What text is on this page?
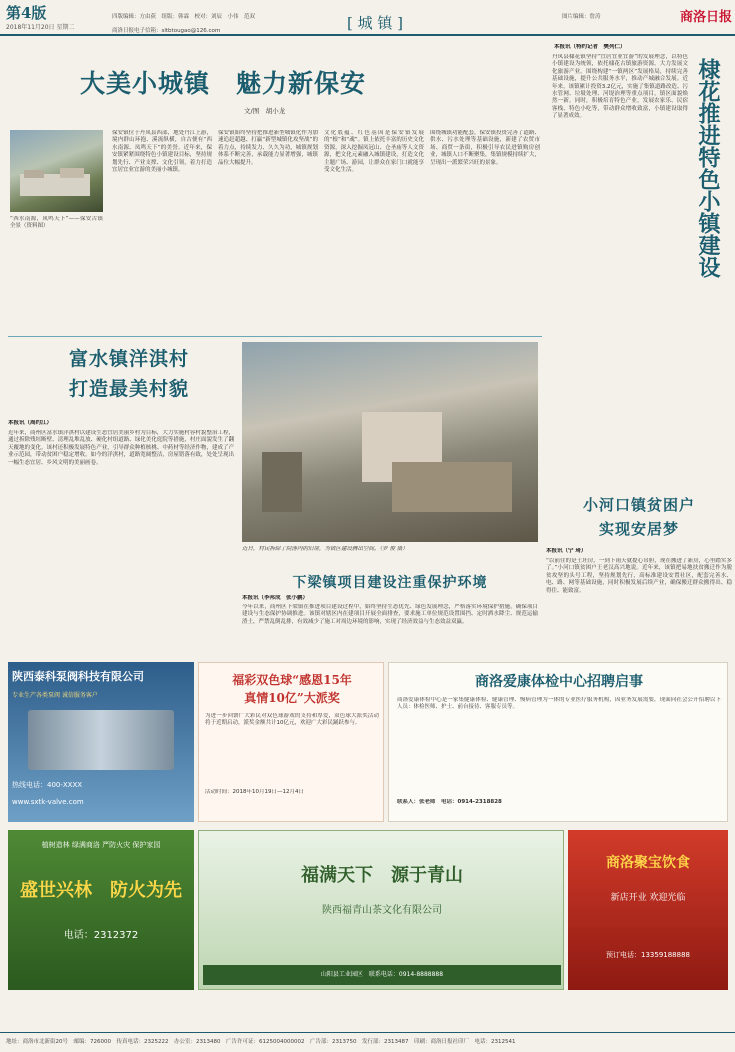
第4版
2018年11月20日 星期二
四版编辑：方由荻　组版：韩霖　校对：刘辰　小伟　范双
商洛日报电子信箱：sltbtougao@126.com	[ 城 镇 ]	图片编辑：詹涛	商洛日报
大美小城镇　魅力新保安
文/图　胡小龙
“西水南源，凤鸣天下”——保安古镇全景（资料图）
保安镇位于丹凤县西部，地处丹江上游，境内群山环抱、溪流纵横，自古便有“西水南源、凤鸣天下”的美誉。近年来，保安镇紧紧围绕特色小镇建设目标，坚持规划先行、产业支撑、文化引领，着力打造宜居宜业宜游的美丽小城镇。
保安镇始终坚持把推进新型城镇化作为加速追赶超越、打赢“新型城镇化攻坚战”的着力点，持续发力、久久为功，城镇规划体系不断完善，承载能力显著增强，城镇品位大幅提升。
文化底蕴、红色基因是保安镇发展的“根”和“魂”。镇上依托丰富的历史文化资源，深入挖掘凤冠山、仓圣庙等人文资源，把文化元素融入城镇建设，打造文化主题广场、游园，让群众在家门口就能享受文化生活。
围绕城镇功能配套，保安镇投资完善了道路、供水、污水处理等基础设施，新建了农贸市场、商贸一条街，积极引导农民进镇购房创业，城镇人口不断聚集，集镇规模持续扩大，呈现出一派繁荣兴旺的景象。
本报讯（特约记者　樊列仁）
丹凤县棣花镇坚持“宜居宜业宜游”的发展理念，以特色小镇建设为统领，依托棣花古镇旅游资源，大力发展文化旅游产业。围绕构建“一镇两区”发展格局，持续完善基础设施，提升公共服务水平，推动产城融合发展。近年来，该镇累计投资3.2亿元，实施了集镇道路改造、污水管网、垃圾处理、河堤治理等重点项目，镇区面貌焕然一新。同时，积极培育特色产业，发展农家乐、民宿客栈、特色小吃等，带动群众增收致富，小镇建设取得了显著成效。	棣花推进特色小镇建设
富水镇洋淇村
打造最美村貌
本报讯（周约江）
近年来，商州区富水镇洋淇村以建设生态宜居美丽乡村为目标，大力实施村容村貌整治工程，通过拆除残垣断壁、清理乱堆乱放、硬化村组道路、绿化美化庭院等措施，村庄面貌发生了翻天覆地的变化。该村还积极发展特色产业，引导群众种植核桃、中药材等经济作物，建成了产业示范园，带动贫困户稳定增收。如今的洋淇村，道路宽阔整洁，房屋错落有致，处处呈现出一幅生态宜居、乡风文明的美丽画卷。
近日，村民拆除了院落内的旧房，为镇区建设腾出空间。（罗 俊 摄）
下梁镇项目建设注重保护环境
本报讯（李邦成　张小鹏）
今年以来，商州区下梁镇在推进项目建设过程中，始终坚持生态优先、绿色发展理念，严格落实环境保护措施，确保项目建设与生态保护协调推进。该镇对辖区内在建项目开展全面排查，要求施工单位规范设置围挡、定时洒水降尘、规范运输渣土，严禁乱倒乱排，有效减少了施工对周边环境的影响，实现了经济效益与生态效益双赢。
小河口镇贫困户
实现安居梦
本报讯（宁 琦）
“以前住的是土坯房，一到下雨天就提心吊胆，现在搬进了新房，心里踏实多了。”小河口镇贫困户王老汉高兴地说。近年来，该镇把易地扶贫搬迁作为脱贫攻坚的头号工程，坚持规划先行，高标准建设安置社区，配套完善水、电、路、网等基础设施，同时积极发展后续产业，确保搬迁群众搬得出、稳得住、能致富。
陕西泰科泵阀科技有限公司
专业生产各类泵阀 诚信服务客户
热线电话：400-XXXX
www.sxtk-valve.com
福彩双色球“感恩15年
真情10亿”大派奖
为进一步回馈广大彩民对双色球游戏的支持和厚爱，双色球大派奖活动将于近期启动，派奖金额共计10亿元，欢迎广大彩民踊跃参与。
活动时间：2018年10月19日—12月4日
商洛爱康体检中心招聘启事
商洛爱康体检中心是一家集健康体检、健康管理、慢病管理为一体的专业医疗服务机构，因业务发展需要，现面向社会公开招聘以下人员：体检医师、护士、前台接待、客服专员等。
联系人：张老师　电话：0914-2318828
植树造林 绿满商洛 严防火灾 保护家园
盛世兴林　防火为先
电话：2312372
福满天下　源于青山
陕西福青山茶文化有限公司
山阳县工业园区　联系电话：0914-8888888
商洛聚宝饮食
新店开业 欢迎光临
预订电话：13359188888
地址：商洛市北新街20号　邮编：726000　传真电话：2325222　办公室：2313480　广告许可证：6125004000002　广告部：2313750　发行部：2313487　印刷：商洛日报社印厂　电话：2312541
